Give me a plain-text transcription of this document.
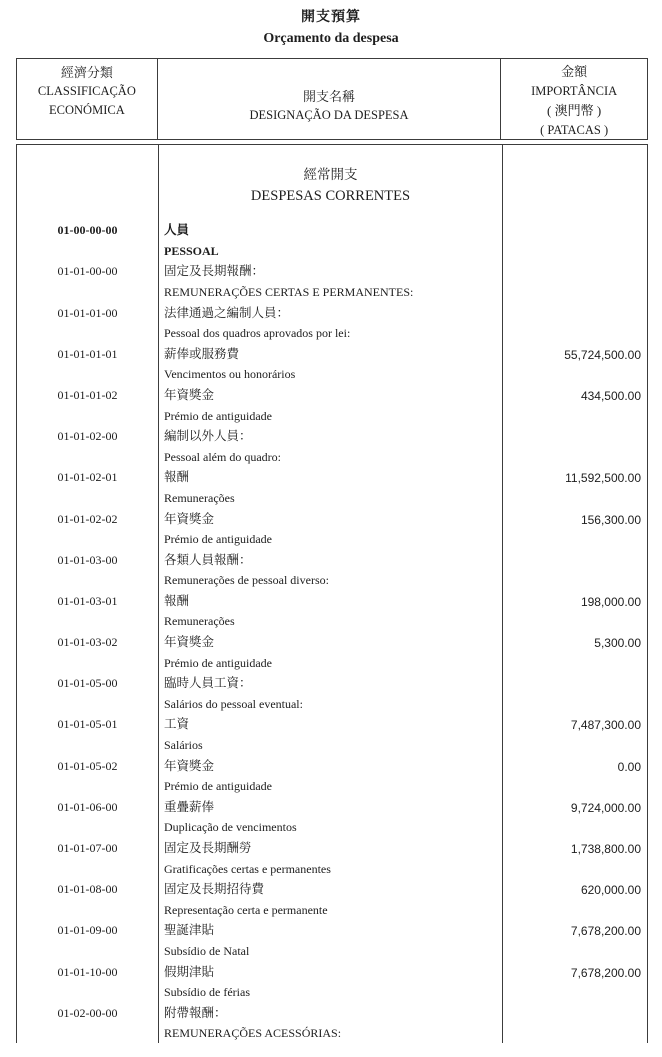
開支預算
Orçamento da despesa
經濟分類
CLASSIFICAÇÃO
ECONÓMICA
開支名稱
DESIGNAÇÃO DA DESPESA
金額
IMPORTÂNCIA
( 澳門幣 )
( PATACAS )
經常開支
DESPESAS CORRENTES
01-00-00-00	人員
PESSOAL
01-01-00-00	固定及長期報酬：
REMUNERAÇÕES CERTAS E PERMANENTES:
01-01-01-00	法律通過之編制人員：
Pessoal dos quadros aprovados por lei:
01-01-01-01	薪俸或服務費
Vencimentos ou honorários
55,724,500.00
01-01-01-02	年資獎金
Prémio de antiguidade
434,500.00
01-01-02-00	編制以外人員：
Pessoal além do quadro:
01-01-02-01	報酬
Remunerações
11,592,500.00
01-01-02-02	年資獎金
Prémio de antiguidade
156,300.00
01-01-03-00	各類人員報酬：
Remunerações de pessoal diverso:
01-01-03-01	報酬
Remunerações
198,000.00
01-01-03-02	年資獎金
Prémio de antiguidade
5,300.00
01-01-05-00	臨時人員工資：
Salários do pessoal eventual:
01-01-05-01	工資
Salários
7,487,300.00
01-01-05-02	年資獎金
Prémio de antiguidade
0.00
01-01-06-00	重疊薪俸
Duplicação de vencimentos
9,724,000.00
01-01-07-00	固定及長期酬勞
Gratificações certas e permanentes
1,738,800.00
01-01-08-00	固定及長期招待費
Representação certa e permanente
620,000.00
01-01-09-00	聖誕津貼
Subsídio de Natal
7,678,200.00
01-01-10-00	假期津貼
Subsídio de férias
7,678,200.00
01-02-00-00	附帶報酬：
REMUNERAÇÕES ACESSÓRIAS:
